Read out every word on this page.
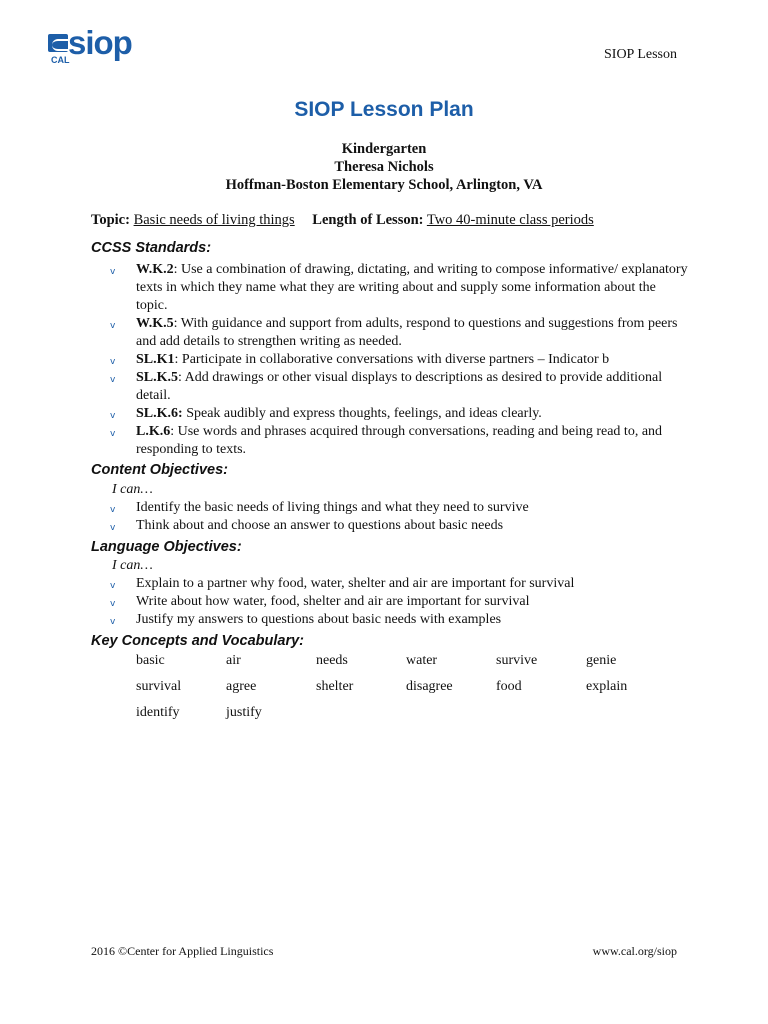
siop
CAL	SIOP Lesson
SIOP Lesson Plan
Kindergarten
Theresa Nichols
Hoffman-Boston Elementary School, Arlington, VA
Topic: Basic needs of living things Length of Lesson: Two 40-minute class periods
CCSS Standards:
v W.K.2: Use a combination of drawing, dictating, and writing to compose informative/ explanatory texts in which they name what they are writing about and supply some information about the topic.
v W.K.5: With guidance and support from adults, respond to questions and suggestions from peers and add details to strengthen writing as needed.
v SL.K1: Participate in collaborative conversations with diverse partners – Indicator b
v SL.K.5: Add drawings or other visual displays to descriptions as desired to provide additional detail.
v SL.K.6: Speak audibly and express thoughts, feelings, and ideas clearly.
v L.K.6: Use words and phrases acquired through conversations, reading and being read to, and responding to texts.
Content Objectives:
I can…
v Identify the basic needs of living things and what they need to survive
v Think about and choose an answer to questions about basic needs
Language Objectives:
I can…
v Explain to a partner why food, water, shelter and air are important for survival
v Write about how water, food, shelter and air are important for survival
v Justify my answers to questions about basic needs with examples
Key Concepts and Vocabulary:
basic	air	needs	water	survive	genie
survival	agree	shelter	disagree	food	explain
identify	justify
2016 ©Center for Applied Linguistics	www.cal.org/siop
